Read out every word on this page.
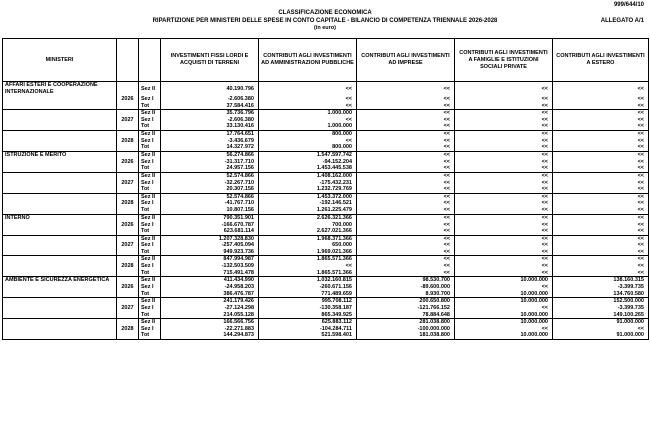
999/644/10
CLASSIFICAZIONE ECONOMICA
RIPARTIZIONE PER MINISTERI DELLE SPESE IN CONTO CAPITALE - BILANCIO DI COMPETENZA TRIENNALE 2026-2028	ALLEGATO A/1
(in euro)
MINISTERI			INVESTIMENTI FISSI LORDI E ACQUISTI DI TERRENI	CONTRIBUTI AGLI INVESTIMENTI AD AMMINISTRAZIONI PUBBLICHE	CONTRIBUTI AGLI INVESTIMENTI AD IMPRESE	CONTRIBUTI AGLI INVESTIMENTI A FAMIGLIE E ISTITUZIONI SOCIALI PRIVATE	CONTRIBUTI AGLI INVESTIMENTI A ESTERO
AFFARI ESTERI E COOPERAZIONE INTERNAZIONALE		Sez II	40.190.796	<<	<<	<<	<<
	2026	Sez I	-2.606.380	<<	<<	<<	<<
		Tot	37.584.416	<<	<<	<<	<<
		Sez II	35.736.796	1.000.000	<<	<<	<<
	2027	Sez I	-2.606.380	<<	<<	<<	<<
		Tot	33.130.416	1.000.000	<<	<<	<<
		Sez II	17.764.651	800.000	<<	<<	<<
	2028	Sez I	-3.436.679	<<	<<	<<	<<
		Tot	14.327.972	800.000	<<	<<	<<
ISTRUZIONE E MERITO		Sez II	56.274.866	1.547.597.742	<<	<<	<<
	2026	Sez I	-31.317.710	-94.152.204	<<	<<	<<
		Tot	24.957.156	1.453.445.538	<<	<<	<<
		Sez II	52.574.866	1.408.162.000	<<	<<	<<
	2027	Sez I	-32.267.710	-175.432.231	<<	<<	<<
		Tot	20.307.156	1.232.729.769	<<	<<	<<
		Sez II	52.574.866	1.453.372.000	<<	<<	<<
	2028	Sez I	-41.767.710	-192.146.521	<<	<<	<<
		Tot	10.807.156	1.261.225.479	<<	<<	<<
INTERNO		Sez II	790.351.901	2.626.321.366	<<	<<	<<
	2026	Sez I	-166.670.787	700.000	<<	<<	<<
		Tot	623.681.114	2.627.021.366	<<	<<	<<
		Sez II	1.207.328.830	1.968.371.366	<<	<<	<<
	2027	Sez I	-257.405.094	650.000	<<	<<	<<
		Tot	949.923.736	1.969.021.366	<<	<<	<<
		Sez II	847.994.987	1.865.571.366	<<	<<	<<
	2028	Sez I	-132.503.509	<<	<<	<<	<<
		Tot	715.491.478	1.865.571.366	<<	<<	<<
AMBIENTE E SICUREZZA ENERGETICA		Sez II	411.434.990	1.032.160.815	98.530.700	10.000.000	138.160.315
	2026	Sez I	-24.958.203	-260.671.156	-89.600.000	<<	-3.399.735
		Tot	386.476.787	771.489.659	8.930.700	10.000.000	134.760.580
		Sez II	241.179.426	995.708.112	200.650.800	10.000.000	152.500.000
	2027	Sez I	-27.124.298	-130.358.187	-121.766.152	<<	-3.399.735
		Tot	214.055.128	865.349.925	78.884.648	10.000.000	149.100.265
		Sez II	166.566.756	625.883.112	281.038.800	10.000.000	91.000.000
	2028	Sez I	-22.271.883	-104.284.711	-100.000.000	<<	<<
		Tot	144.294.873	521.598.401	181.038.800	10.000.000	91.000.000
